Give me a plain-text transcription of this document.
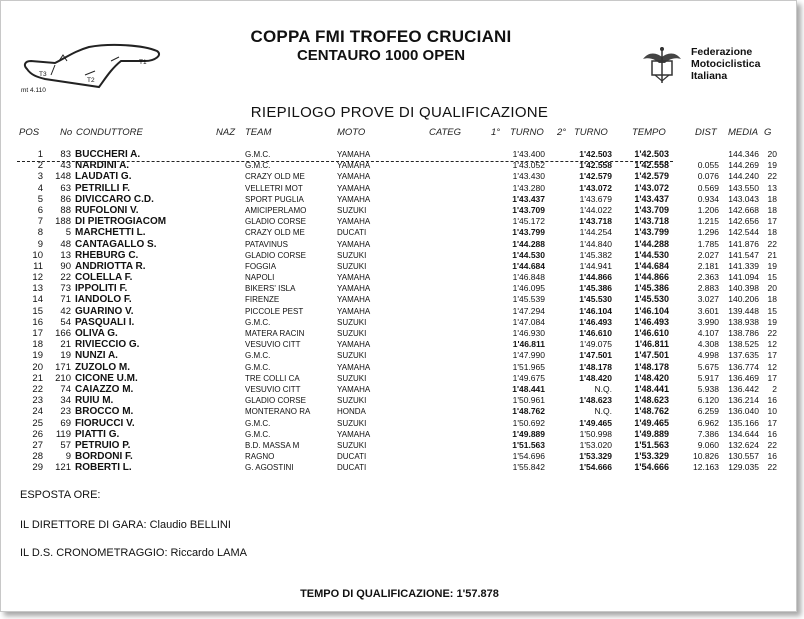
T1
T2
T3
mt 4.110
COPPA FMI TROFEO CRUCIANI
CENTAURO 1000 OPEN	Federazione
Motociclistica
Italiana
RIEPILOGO PROVE DI QUALIFICAZIONE
POS No CONDUTTORE	NAZ TEAM	MOTO	CATEG	1° TURNO 2° TURNO	TEMPO	DIST MEDIA G
1	83 BUCCHERI A.	G.M.C.	YAMAHA	1'43.400	1'42.503	1'42.503	144.346	20
2	43 NARDINI A.	G.M.C.	YAMAHA	1'43.052	1'42.558	1'42.558	0.055	144.269	19
3	148 LAUDATI G.	CRAZY OLD ME	YAMAHA	1'43.430	1'42.579	1'42.579	0.076	144.240	22
4	63 PETRILLI F.	VELLETRI MOT	YAMAHA	1'43.280	1'43.072	1'43.072	0.569	143.550	13
5	86 DIVICCARO C.D.	SPORT PUGLIA	YAMAHA	1'43.437	1'43.679	1'43.437	0.934	143.043	18
6	88 RUFOLONI V.	AMICIPERLAMO	SUZUKI	1'43.709	1'44.022	1'43.709	1.206	142.668	18
7	188 DI PIETROGIACOM	GLADIO CORSE	YAMAHA	1'45.172	1'43.718	1'43.718	1.215	142.656	17
8	5 MARCHETTI L.	CRAZY OLD ME	DUCATI	1'43.799	1'44.254	1'43.799	1.296	142.544	18
9	48 CANTAGALLO S.	PATAVINUS	YAMAHA	1'44.288	1'44.840	1'44.288	1.785	141.876	22
10	13 RHEBURG C.	GLADIO CORSE	SUZUKI	1'44.530	1'45.382	1'44.530	2.027	141.547	21
11	90 ANDRIOTTA R.	FOGGIA	SUZUKI	1'44.684	1'44.941	1'44.684	2.181	141.339	19
12	22 COLELLA F.	NAPOLI	YAMAHA	1'46.848	1'44.866	1'44.866	2.363	141.094	15
13	73 IPPOLITI F.	BIKERS' ISLA	YAMAHA	1'46.095	1'45.386	1'45.386	2.883	140.398	20
14	71 IANDOLO F.	FIRENZE	YAMAHA	1'45.539	1'45.530	1'45.530	3.027	140.206	18
15	42 GUARINO V.	PICCOLE PEST	YAMAHA	1'47.294	1'46.104	1'46.104	3.601	139.448	15
16	54 PASQUALI I.	G.M.C.	SUZUKI	1'47.084	1'46.493	1'46.493	3.990	138.938	19
17	166 OLIVA G.	MATERA RACIN	SUZUKI	1'46.930	1'46.610	1'46.610	4.107	138.786	22
18	21 RIVIECCIO G.	VESUVIO CITT	YAMAHA	1'46.811	1'49.075	1'46.811	4.308	138.525	12
19	19 NUNZI A.	G.M.C.	SUZUKI	1'47.990	1'47.501	1'47.501	4.998	137.635	17
20	171 ZUZOLO M.	G.M.C.	YAMAHA	1'51.965	1'48.178	1'48.178	5.675	136.774	12
21	210 CICONE U.M.	TRE COLLI CA	SUZUKI	1'49.675	1'48.420	1'48.420	5.917	136.469	17
22	74 CAIAZZO M.	VESUVIO CITT	YAMAHA	1'48.441	N.Q.	1'48.441	5.938	136.442	2
23	34 RUIU M.	GLADIO CORSE	SUZUKI	1'50.961	1'48.623	1'48.623	6.120	136.214	16
24	23 BROCCO M.	MONTERANO RA	HONDA	1'48.762	N.Q.	1'48.762	6.259	136.040	10
25	69 FIORUCCI V.	G.M.C.	SUZUKI	1'50.692	1'49.465	1'49.465	6.962	135.166	17
26	119 PIATTI G.	G.M.C.	YAMAHA	1'49.889	1'50.998	1'49.889	7.386	134.644	16
27	57 PETRUIO P.	B.D. MASSA M	SUZUKI	1'51.563	1'53.020	1'51.563	9.060	132.624	22
28	9 BORDONI F.	RAGNO	DUCATI	1'54.696	1'53.329	1'53.329	10.826	130.557	16
29	121 ROBERTI L.	G. AGOSTINI	DUCATI	1'55.842	1'54.666	1'54.666	12.163	129.035	22
ESPOSTA ORE:
IL DIRETTORE DI GARA: Claudio BELLINI
IL D.S. CRONOMETRAGGIO: Riccardo LAMA
TEMPO DI QUALIFICAZIONE: 1'57.878
